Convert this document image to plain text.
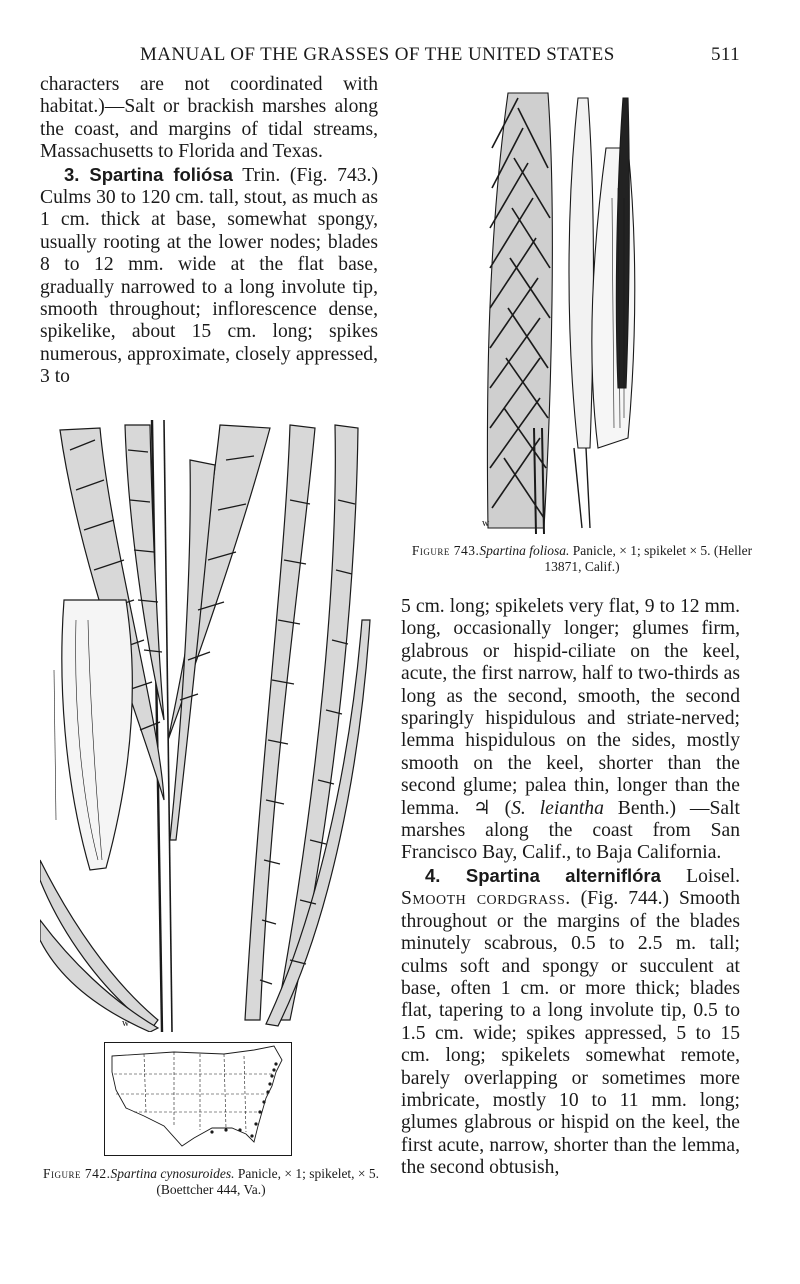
MANUAL OF THE GRASSES OF THE UNITED STATES	511

characters are not coordinated with habitat.)—Salt or brackish marshes along the coast, and margins of tidal streams, Massachusetts to Florida and Texas.

3. Spartina foliósa Trin. (Fig. 743.) Culms 30 to 120 cm. tall, stout, as much as 1 cm. thick at base, somewhat spongy, usually rooting at the lower nodes; blades 8 to 12 mm. wide at the flat base, gradually narrowed to a long involute tip, smooth throughout; inflorescence dense, spikelike, about 15 cm. long; spikes numerous, approximate, closely appressed, 3 to

w
Figure 743.Spartina foliosa. Panicle, × 1; spikelet × 5. (Heller 13871, Calif.)

5 cm. long; spikelets very flat, 9 to 12 mm. long, occasionally longer; glumes firm, glabrous or hispid-ciliate on the keel, acute, the first narrow, half to two-thirds as long as the second, smooth, the second sparingly hispidulous and striate-nerved; lemma hispidulous on the sides, mostly smooth on the keel, shorter than the second glume; palea thin, longer than the lemma. ♃ (S. leiantha Benth.) —Salt marshes along the coast from San Francisco Bay, Calif., to Baja California.

4. Spartina alterniflóra Loisel. Smooth cordgrass. (Fig. 744.) Smooth throughout or the margins of the blades minutely scabrous, 0.5 to 2.5 m. tall; culms soft and spongy or succulent at base, often 1 cm. or more thick; blades flat, tapering to a long involute tip, 0.5 to 1.5 cm. wide; spikes appressed, 5 to 15 cm. long; spikelets somewhat remote, barely overlapping or sometimes more imbricate, mostly 10 to 11 mm. long; glumes glabrous or hispid on the keel, the first acute, narrow, shorter than the lemma, the second obtusish,

w
Figure 742.Spartina cynosuroides. Panicle, × 1; spikelet, × 5. (Boettcher 444, Va.)
